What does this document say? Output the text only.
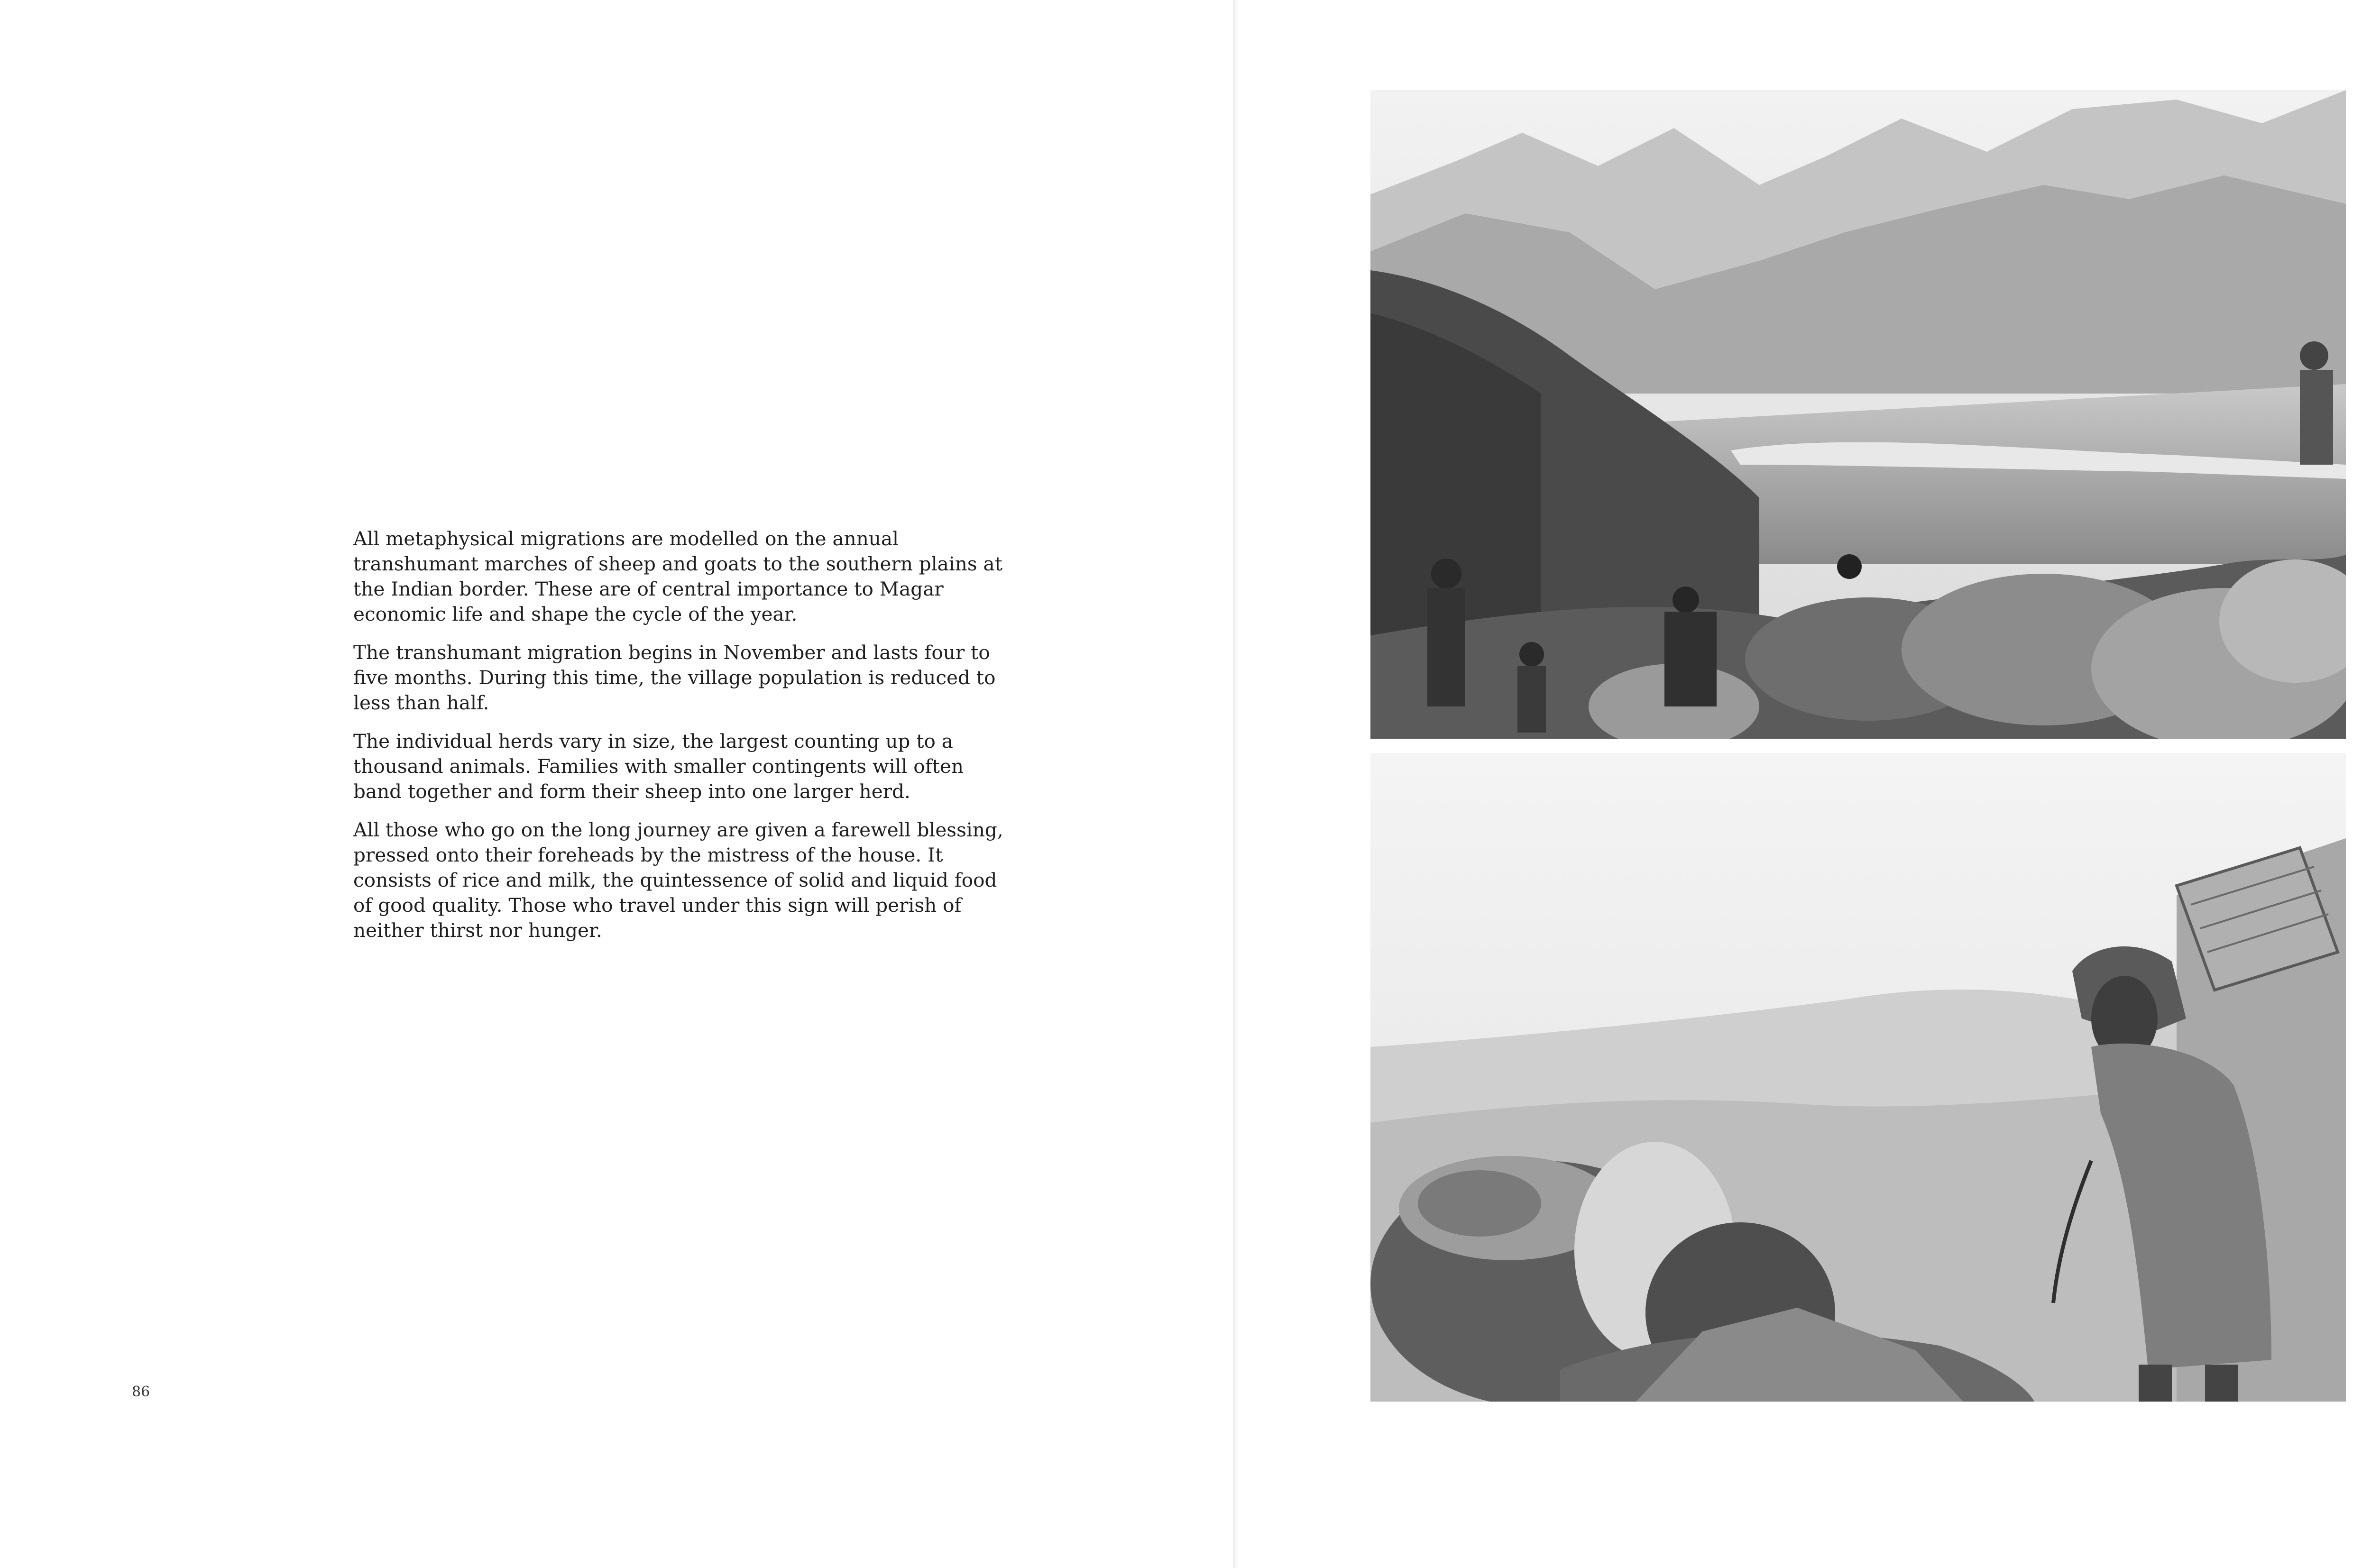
All metaphysical migrations are modelled on the annual transhumant marches of sheep and goats to the southern plains at the Indian border. These are of central importance to Magar economic life and shape the cycle of the year.

The transhumant migration begins in November and lasts four to five months. During this time, the village population is reduced to less than half.

The individual herds vary in size, the largest counting up to a thousand animals. Families with smaller contingents will often band together and form their sheep into one larger herd.

All those who go on the long journey are given a farewell blessing, pressed onto their foreheads by the mistress of the house. It consists of rice and milk, the quintessence of solid and liquid food of good quality. Those who travel under this sign will perish of neither thirst nor hunger.

86
